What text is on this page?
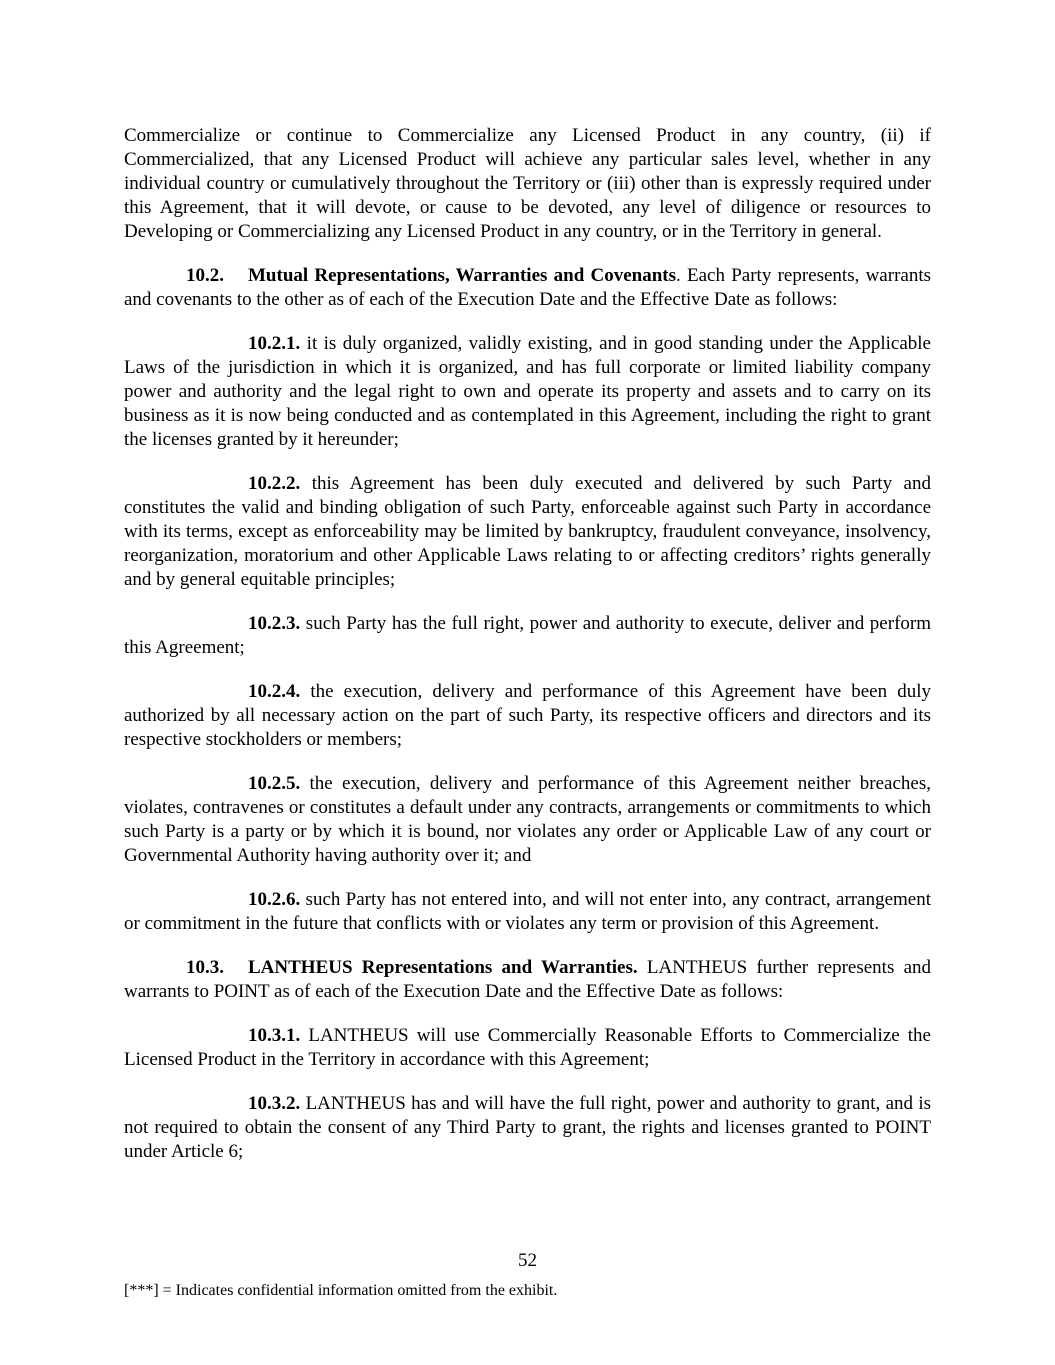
Commercialize or continue to Commercialize any Licensed Product in any country, (ii) if Commercialized, that any Licensed Product will achieve any particular sales level, whether in any individual country or cumulatively throughout the Territory or (iii) other than is expressly required under this Agreement, that it will devote, or cause to be devoted, any level of diligence or resources to Developing or Commercializing any Licensed Product in any country, or in the Territory in general.

10.2. Mutual Representations, Warranties and Covenants. Each Party represents, warrants and covenants to the other as of each of the Execution Date and the Effective Date as follows:

10.2.1. it is duly organized, validly existing, and in good standing under the Applicable Laws of the jurisdiction in which it is organized, and has full corporate or limited liability company power and authority and the legal right to own and operate its property and assets and to carry on its business as it is now being conducted and as contemplated in this Agreement, including the right to grant the licenses granted by it hereunder;

10.2.2. this Agreement has been duly executed and delivered by such Party and constitutes the valid and binding obligation of such Party, enforceable against such Party in accordance with its terms, except as enforceability may be limited by bankruptcy, fraudulent conveyance, insolvency, reorganization, moratorium and other Applicable Laws relating to or affecting creditors’ rights generally and by general equitable principles;

10.2.3. such Party has the full right, power and authority to execute, deliver and perform this Agreement;

10.2.4. the execution, delivery and performance of this Agreement have been duly authorized by all necessary action on the part of such Party, its respective officers and directors and its respective stockholders or members;

10.2.5. the execution, delivery and performance of this Agreement neither breaches, violates, contravenes or constitutes a default under any contracts, arrangements or commitments to which such Party is a party or by which it is bound, nor violates any order or Applicable Law of any court or Governmental Authority having authority over it; and

10.2.6. such Party has not entered into, and will not enter into, any contract, arrangement or commitment in the future that conflicts with or violates any term or provision of this Agreement.

10.3. LANTHEUS Representations and Warranties. LANTHEUS further represents and warrants to POINT as of each of the Execution Date and the Effective Date as follows:

10.3.1. LANTHEUS will use Commercially Reasonable Efforts to Commercialize the Licensed Product in the Territory in accordance with this Agreement;

10.3.2. LANTHEUS has and will have the full right, power and authority to grant, and is not required to obtain the consent of any Third Party to grant, the rights and licenses granted to POINT under Article 6;

52
[***] = Indicates confidential information omitted from the exhibit.
